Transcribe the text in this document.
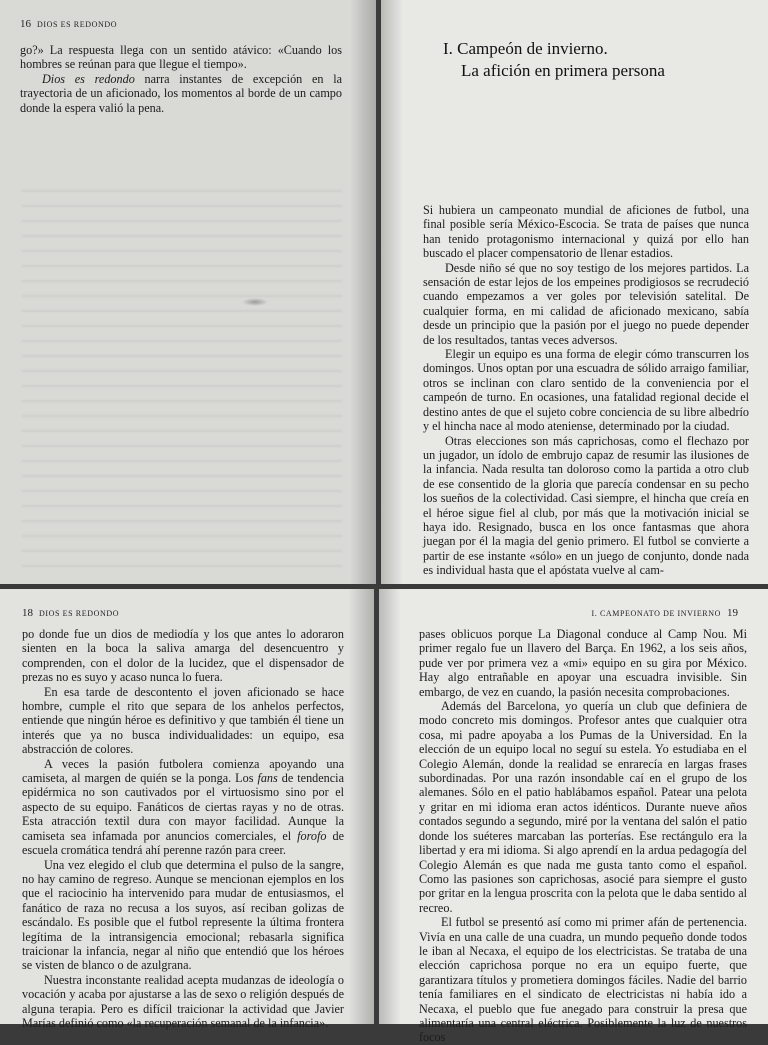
16 DIOS ES REDONDO

go?» La respuesta llega con un sentido atávico: «Cuando los hombres se reúnan para que llegue el tiempo».

Dios es redondo narra instantes de excepción en la trayectoria de un aficionado, los momentos al borde de un campo donde la espera valió la pena.

I. Campeón de invierno.
La afición en primera persona

Si hubiera un campeonato mundial de aficiones de futbol, una final posible sería México-Escocia. Se trata de países que nunca han tenido protagonismo internacional y quizá por ello han buscado el placer compensatorio de llenar estadios.

Desde niño sé que no soy testigo de los mejores partidos. La sensación de estar lejos de los empeines prodigiosos se recrudeció cuando empezamos a ver goles por televisión satelital. De cualquier forma, en mi calidad de aficionado mexicano, sabía desde un principio que la pasión por el juego no puede depender de los resultados, tantas veces adversos.

Elegir un equipo es una forma de elegir cómo transcurren los domingos. Unos optan por una escuadra de sólido arraigo familiar, otros se inclinan con claro sentido de la conveniencia por el campeón de turno. En ocasiones, una fatalidad regional decide el destino antes de que el sujeto cobre conciencia de su libre albedrío y el hincha nace al modo ateniense, determinado por la ciudad.

Otras elecciones son más caprichosas, como el flechazo por un jugador, un ídolo de embrujo capaz de resumir las ilusiones de la infancia. Nada resulta tan doloroso como la partida a otro club de ese consentido de la gloria que parecía condensar en su pecho los sueños de la colectividad. Casi siempre, el hincha que creía en el héroe sigue fiel al club, por más que la motivación inicial se haya ido. Resignado, busca en los once fantasmas que ahora juegan por él la magia del genio primero. El futbol se convierte a partir de ese instante «sólo» en un juego de conjunto, donde nada es individual hasta que el apóstata vuelve al cam-

18 DIOS ES REDONDO

po donde fue un dios de mediodía y los que antes lo adoraron sienten en la boca la saliva amarga del desencuentro y comprenden, con el dolor de la lucidez, que el dispensador de prezas no es suyo y acaso nunca lo fuera.

En esa tarde de descontento el joven aficionado se hace hombre, cumple el rito que separa de los anhelos perfectos, entiende que ningún héroe es definitivo y que también él tiene un interés que ya no busca individualidades: un equipo, esa abstracción de colores.

A veces la pasión futbolera comienza apoyando una camiseta, al margen de quién se la ponga. Los fans de tendencia epidérmica no son cautivados por el virtuosismo sino por el aspecto de su equipo. Fanáticos de ciertas rayas y no de otras. Esta atracción textil dura con mayor facilidad. Aunque la camiseta sea infamada por anuncios comerciales, el forofo de escuela cromática tendrá ahí perenne razón para creer.

Una vez elegido el club que determina el pulso de la sangre, no hay camino de regreso. Aunque se mencionan ejemplos en los que el raciocinio ha intervenido para mudar de entusiasmos, el fanático de raza no recusa a los suyos, así reciban golizas de escándalo. Es posible que el futbol represente la última frontera legítima de la intransigencia emocional; rebasarla significa traicionar la infancia, negar al niño que entendió que los héroes se visten de blanco o de azulgrana.

Nuestra inconstante realidad acepta mudanzas de ideología o vocación y acaba por ajustarse a las de sexo o religión después de alguna terapia. Pero es difícil traicionar la actividad que Javier Marías definió como «la recuperación semanal de la infancia».

I. CAMPEONATO DE INVIERNO 19

pases oblicuos porque La Diagonal conduce al Camp Nou. Mi primer regalo fue un llavero del Barça. En 1962, a los seis años, pude ver por primera vez a «mi» equipo en su gira por México. Hay algo entrañable en apoyar una escuadra invisible. Sin embargo, de vez en cuando, la pasión necesita comprobaciones.

Además del Barcelona, yo quería un club que definiera de modo concreto mis domingos. Profesor antes que cualquier otra cosa, mi padre apoyaba a los Pumas de la Universidad. En la elección de un equipo local no seguí su estela. Yo estudiaba en el Colegio Alemán, donde la realidad se enrarecía en largas frases subordinadas. Por una razón insondable caí en el grupo de los alemanes. Sólo en el patio hablábamos español. Patear una pelota y gritar en mi idioma eran actos idénticos. Durante nueve años contados segundo a segundo, miré por la ventana del salón el patio donde los suéteres marcaban las porterías. Ese rectángulo era la libertad y era mi idioma. Si algo aprendí en la ardua pedagogía del Colegio Alemán es que nada me gusta tanto como el español. Como las pasiones son caprichosas, asocié para siempre el gusto por gritar en la lengua proscrita con la pelota que le daba sentido al recreo.

El futbol se presentó así como mi primer afán de pertenencia. Vivía en una calle de una cuadra, un mundo pequeño donde todos le iban al Necaxa, el equipo de los electricistas. Se trataba de una elección caprichosa porque no era un equipo fuerte, que garantizara títulos y prometiera domingos fáciles. Nadie del barrio tenía familiares en el sindicato de electricistas ni había ido a Necaxa, el pueblo que fue anegado para construir la presa que alimentaría una central eléctrica. Posiblemente la luz de nuestros focos
